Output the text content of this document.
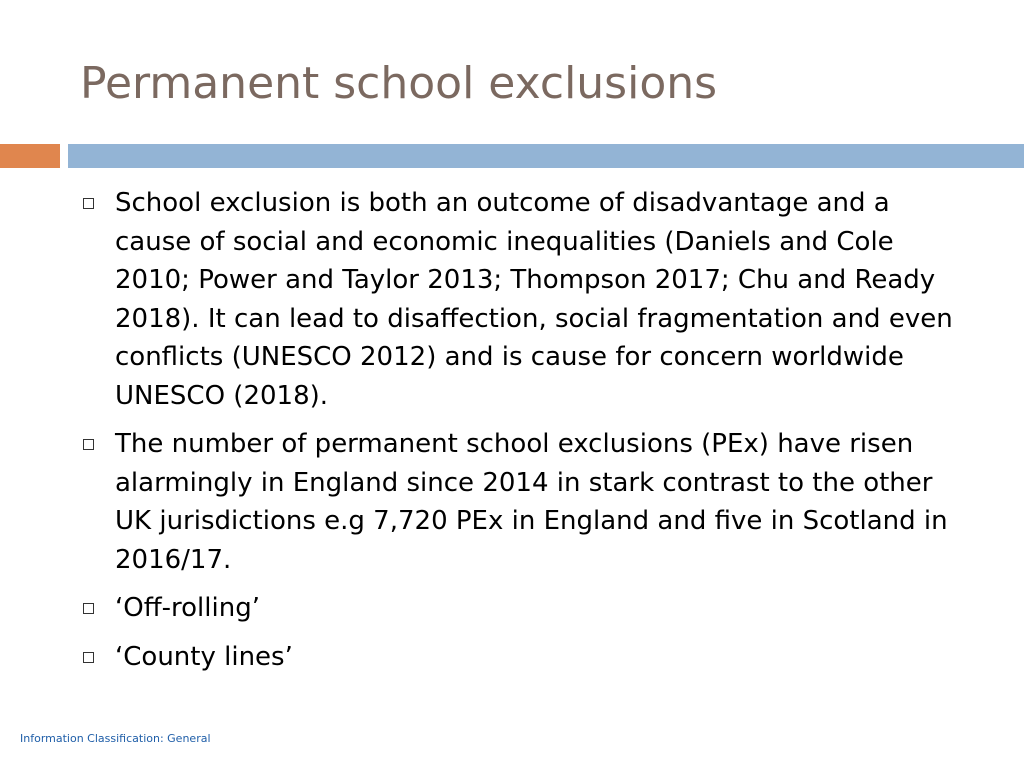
Permanent school exclusions
School exclusion is both an outcome of disadvantage and a cause of social and economic inequalities (Daniels and Cole 2010; Power and Taylor 2013; Thompson 2017; Chu and Ready 2018). It can lead to disaffection, social fragmentation and even conflicts (UNESCO 2012) and is cause for concern worldwide UNESCO (2018).
The number of permanent school exclusions (PEx) have risen alarmingly in England since 2014 in stark contrast to the other UK jurisdictions e.g 7,720 PEx in England and five in Scotland in 2016/17.
‘Off-rolling’
‘County lines’
Information Classification: General
